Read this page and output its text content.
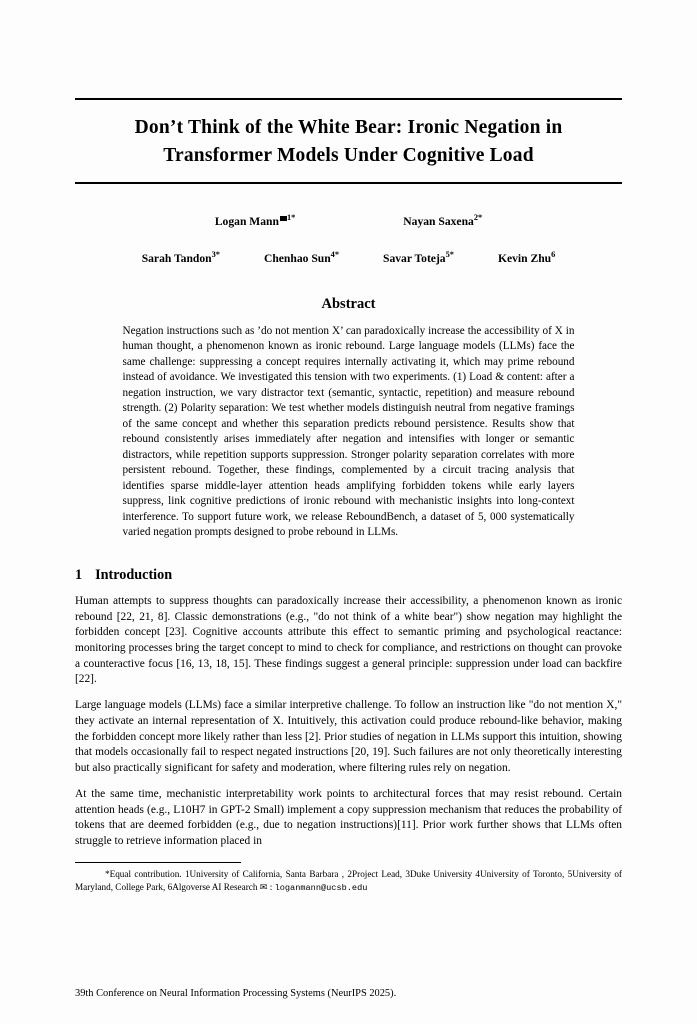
Don’t Think of the White Bear: Ironic Negation in
Transformer Models Under Cognitive Load
Logan Mann $^{1*}$	Nayan Saxena$^{2*}$
Sarah Tandon$^{3*}$	Chenhao Sun$^{4*}$	Savar Toteja$^{5*}$	Kevin Zhu$^6$
Abstract
Negation instructions such as ’do not mention X’ can paradoxically increase the accessibility of X in human thought, a phenomenon known as ironic rebound. Large language models (LLMs) face the same challenge: suppressing a concept requires internally activating it, which may prime rebound instead of avoidance. We investigated this tension with two experiments. (1) Load & content: after a negation instruction, we vary distractor text (semantic, syntactic, repetition) and measure rebound strength. (2) Polarity separation: We test whether models distinguish neutral from negative framings of the same concept and whether this separation predicts rebound persistence. Results show that rebound consistently arises immediately after negation and intensifies with longer or semantic distractors, while repetition supports suppression. Stronger polarity separation correlates with more persistent rebound. Together, these findings, complemented by a circuit tracing analysis that identifies sparse middle-layer attention heads amplifying forbidden tokens while early layers suppress, link cognitive predictions of ironic rebound with mechanistic insights into long-context interference. To support future work, we release ReboundBench, a dataset of 5, 000 systematically varied negation prompts designed to probe rebound in LLMs.
1 Introduction

Human attempts to suppress thoughts can paradoxically increase their accessibility, a phenomenon known as ironic rebound [22, 21, 8]. Classic demonstrations (e.g., "do not think of a white bear") show negation may highlight the forbidden concept [23]. Cognitive accounts attribute this effect to semantic priming and psychological reactance: monitoring processes bring the target concept to mind to check for compliance, and restrictions on thought can provoke a counteractive focus [16, 13, 18, 15]. These findings suggest a general principle: suppression under load can backfire [22].

Large language models (LLMs) face a similar interpretive challenge. To follow an instruction like "do not mention X," they activate an internal representation of X. Intuitively, this activation could produce rebound-like behavior, making the forbidden concept more likely rather than less [2]. Prior studies of negation in LLMs support this intuition, showing that models occasionally fail to respect negated instructions [20, 19]. Such failures are not only theoretically interesting but also practically significant for safety and moderation, where filtering rules rely on negation.

At the same time, mechanistic interpretability work points to architectural forces that may resist rebound. Certain attention heads (e.g., L10H7 in GPT-2 Small) implement a copy suppression mechanism that reduces the probability of tokens that are deemed forbidden (e.g., due to negation instructions)[11]. Prior work further shows that LLMs often struggle to retrieve information placed in

*Equal contribution. 1University of California, Santa Barbara , 2Project Lead, 3Duke University 4University of Toronto, 5University of Maryland, College Park, 6Algoverse AI Research ✉ : loganmann@ucsb.edu
39th Conference on Neural Information Processing Systems (NeurIPS 2025).
